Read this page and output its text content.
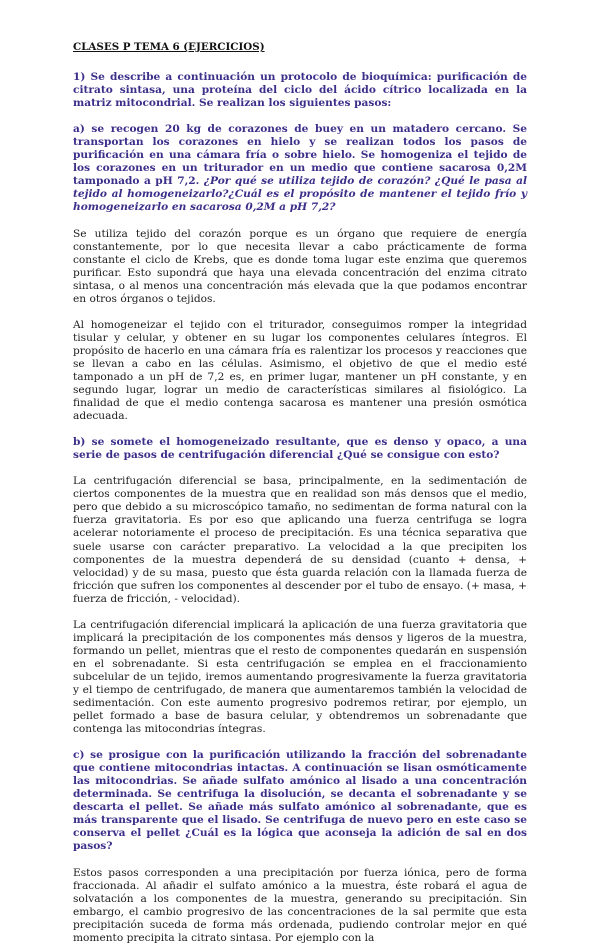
CLASES P TEMA 6 (EJERCICIOS)
1) Se describe a continuación un protocolo de bioquímica: purificación de citrato sintasa, una proteína del ciclo del ácido cítrico localizada en la matriz mitocondrial. Se realizan los siguientes pasos:
a) se recogen 20 kg de corazones de buey en un matadero cercano. Se transportan los corazones en hielo y se realizan todos los pasos de purificación en una cámara fría o sobre hielo. Se homogeniza el tejido de los corazones en un triturador en un medio que contiene sacarosa 0,2M tamponado a pH 7,2. ¿Por qué se utiliza tejido de corazón? ¿Qué le pasa al tejido al homogeneizarlo?¿Cuál es el propósito de mantener el tejido frío y homogeneizarlo en sacarosa 0,2M a pH 7,2?
Se utiliza tejido del corazón porque es un órgano que requiere de energía constantemente, por lo que necesita llevar a cabo prácticamente de forma constante el ciclo de Krebs, que es donde toma lugar este enzima que queremos purificar. Esto supondrá que haya una elevada concentración del enzima citrato sintasa, o al menos una concentración más elevada que la que podamos encontrar en otros órganos o tejidos.
Al homogeneizar el tejido con el triturador, conseguimos romper la integridad tisular y celular, y obtener en su lugar los componentes celulares íntegros. El propósito de hacerlo en una cámara fría es ralentizar los procesos y reacciones que se llevan a cabo en las células. Asimismo, el objetivo de que el medio esté tamponado a un pH de 7,2 es, en primer lugar, mantener un pH constante, y en segundo lugar, lograr un medio de características similares al fisiológico. La finalidad de que el medio contenga sacarosa es mantener una presión osmótica adecuada.
b) se somete el homogeneizado resultante, que es denso y opaco, a una serie de pasos de centrifugación diferencial ¿Qué se consigue con esto?
La centrifugación diferencial se basa, principalmente, en la sedimentación de ciertos componentes de la muestra que en realidad son más densos que el medio, pero que debido a su microscópico tamaño, no sedimentan de forma natural con la fuerza gravitatoria. Es por eso que aplicando una fuerza centrifuga se logra acelerar notoriamente el proceso de precipitación. Es una técnica separativa que suele usarse con carácter preparativo. La velocidad a la que precipiten los componentes de la muestra dependerá de su densidad (cuanto + densa, + velocidad) y de su masa, puesto que ésta guarda relación con la llamada fuerza de fricción que sufren los componentes al descender por el tubo de ensayo. (+ masa, + fuerza de fricción, - velocidad).
La centrifugación diferencial implicará la aplicación de una fuerza gravitatoria que implicará la precipitación de los componentes más densos y ligeros de la muestra, formando un pellet, mientras que el resto de componentes quedarán en suspensión en el sobrenadante. Si esta centrifugación se emplea en el fraccionamiento subcelular de un tejido, iremos aumentando progresivamente la fuerza gravitatoria y el tiempo de centrifugado, de manera que aumentaremos también la velocidad de sedimentación. Con este aumento progresivo podremos retirar, por ejemplo, un pellet formado a base de basura celular, y obtendremos un sobrenadante que contenga las mitocondrias íntegras.
c) se prosigue con la purificación utilizando la fracción del sobrenadante que contiene mitocondrias intactas. A continuación se lisan osmóticamente las mitocondrias. Se añade sulfato amónico al lisado a una concentración determinada. Se centrifuga la disolución, se decanta el sobrenadante y se descarta el pellet. Se añade más sulfato amónico al sobrenadante, que es más transparente que el lisado. Se centrifuga de nuevo pero en este caso se conserva el pellet ¿Cuál es la lógica que aconseja la adición de sal en dos pasos?
Estos pasos corresponden a una precipitación por fuerza iónica, pero de forma fraccionada. Al añadir el sulfato amónico a la muestra, éste robará el agua de solvatación a los componentes de la muestra, generando su precipitación. Sin embargo, el cambio progresivo de las concentraciones de la sal permite que esta precipitación suceda de forma más ordenada, pudiendo controlar mejor en qué momento precipita la citrato sintasa. Por ejemplo con la
